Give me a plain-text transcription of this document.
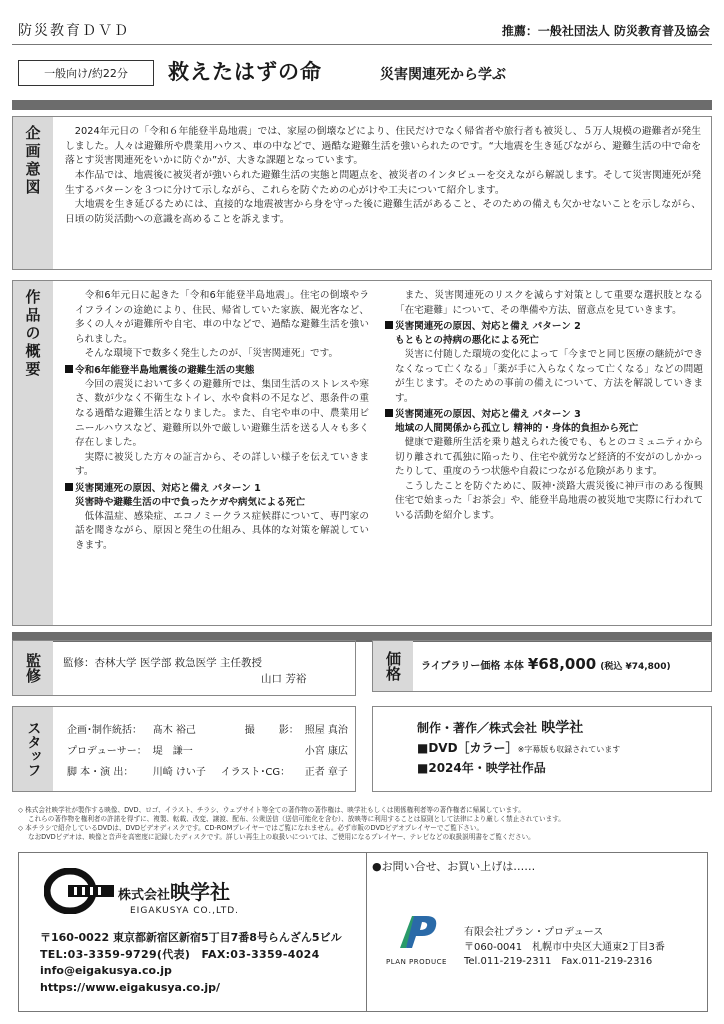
防災教育ＤＶＤ	推薦：一般社団法人 防災教育普及協会
一般向け/約22分	救えたはずの命	災害関連死から学ぶ
企画意図	2024年元日の「令和６年能登半島地震」では、家屋の倒壊などにより、住民だけでなく帰省者や旅行者も被災し、５万人規模の避難者が発生しました。人々は避難所や農業用ハウス、車の中などで、過酷な避難生活を強いられたのです。“大地震を生き延びながら、避難生活の中で命を落とす災害関連死をいかに防ぐか”が、大きな課題となっています。

本作品では、地震後に被災者が強いられた避難生活の実態と問題点を、被災者のインタビューを交えながら解説します。そして災害関連死が発生するパターンを３つに分けて示しながら、これらを防ぐための心がけや工夫について紹介します。

大地震を生き延びるためには、直接的な地震被害から身を守った後に避難生活があること、そのための備えも欠かせないことを示しながら、日頃の防災活動への意識を高めることを訴えます。

作品の概要	令和6年元日に起きた「令和6年能登半島地震」。住宅の倒壊やライフラインの途絶により、住民、帰省していた家族、観光客など、多くの人々が避難所や自宅、車の中などで、過酷な避難生活を強いられました。

そんな環境下で数多く発生したのが、「災害関連死」です。

令和6年能登半島地震後の避難生活の実態

今回の震災において多くの避難所では、集団生活のストレスや寒さ、数が少なく不衛生なトイレ、水や食料の不足など、悪条件の重なる過酷な避難生活となりました。また、自宅や車の中、農業用ビニールハウスなど、避難所以外で厳しい避難生活を送る人々も多く存在しました。

実際に被災した方々の証言から、その詳しい様子を伝えていきます。

災害関連死の原因、対応と備え パターン 1
災害時や避難生活の中で負ったケガや病気による死亡

低体温症、感染症、エコノミークラス症候群について、専門家の話を聞きながら、原因と発生の仕組み、具体的な対策を解説していきます。

また、災害関連死のリスクを減らす対策として重要な選択肢となる「在宅避難」について、その準備や方法、留意点を見ていきます。

災害関連死の原因、対応と備え パターン 2
もともとの持病の悪化による死亡

災害に付随した環境の変化によって「今までと同じ医療の継続ができなくなって亡くなる」「薬が手に入らなくなって亡くなる」などの問題が生じます。そのための事前の備えについて、方法を解説していきます。

災害関連死の原因、対応と備え パターン 3
地域の人間関係から孤立し 精神的・身体的負担から死亡

健康で避難所生活を乗り越えられた後でも、もとのコミュニティから切り離されて孤独に陥ったり、住宅や就労など経済的不安がのしかかったりして、重度のうつ状態や自殺につながる危険があります。

こうしたことを防ぐために、阪神･淡路大震災後に神戸市のある復興住宅で始まった「お茶会」や、能登半島地震の被災地で実際に行われている活動を紹介します。

監修	監修：杏林大学 医学部 救急医学 主任教授
山口 芳裕	価格	ライブラリー価格 本体 ¥68,000 (税込 ¥74,800)
スタッフ	企画･制作統括：	髙木 裕己	撮	影：	照屋 真治
プロデューサー：	堤　謙一			小宮 康広
脚 本・演 出：	川崎 けい子	イラスト･CG：		正者 章子
制作・著作／株式会社 映学社
■DVD［カラー］※字幕版も収録されています
■2024年・映学社作品
◇ 株式会社映学社が製作する映像、DVD、ロゴ、イラスト、チラシ、ウェブサイト等全ての著作物の著作権は、映学社もしくは関係権利者等の著作権者に帰属しています。
これらの著作物を権利者の許諾を得ずに、複製、転載、改変、譲渡、配布、公衆送信（送信可能化を含む）、放映等に利用することは原則として法律により厳しく禁止されています。
◇ 本チラシで紹介しているDVDは、DVDビデオディスクです。CD-ROMプレイヤーではご覧になれません。必ず市販のDVDビデオプレイヤーでご覧下さい。
なおDVDビデオは、映像と音声を高密度に記録したディスクです。詳しい再生上の取扱いについては、ご使用になるプレイヤー、テレビなどの取扱説明書をご覧ください。
株式会社映学社
EIGAKUSYA CO.,LTD.
〒160-0022 東京都新宿区新宿5丁目7番8号らんざん5ビル
TEL:03-3359-9729(代表)　FAX:03-3359-4024
info@eigakusya.co.jp
https://www.eigakusya.co.jp/
●お問い合せ、お買い上げは……
PLAN PRODUCE
有限会社プラン・プロデュース
〒060-0041　札幌市中央区大通東2丁目3番
Tel.011-219-2311　Fax.011-219-2316
